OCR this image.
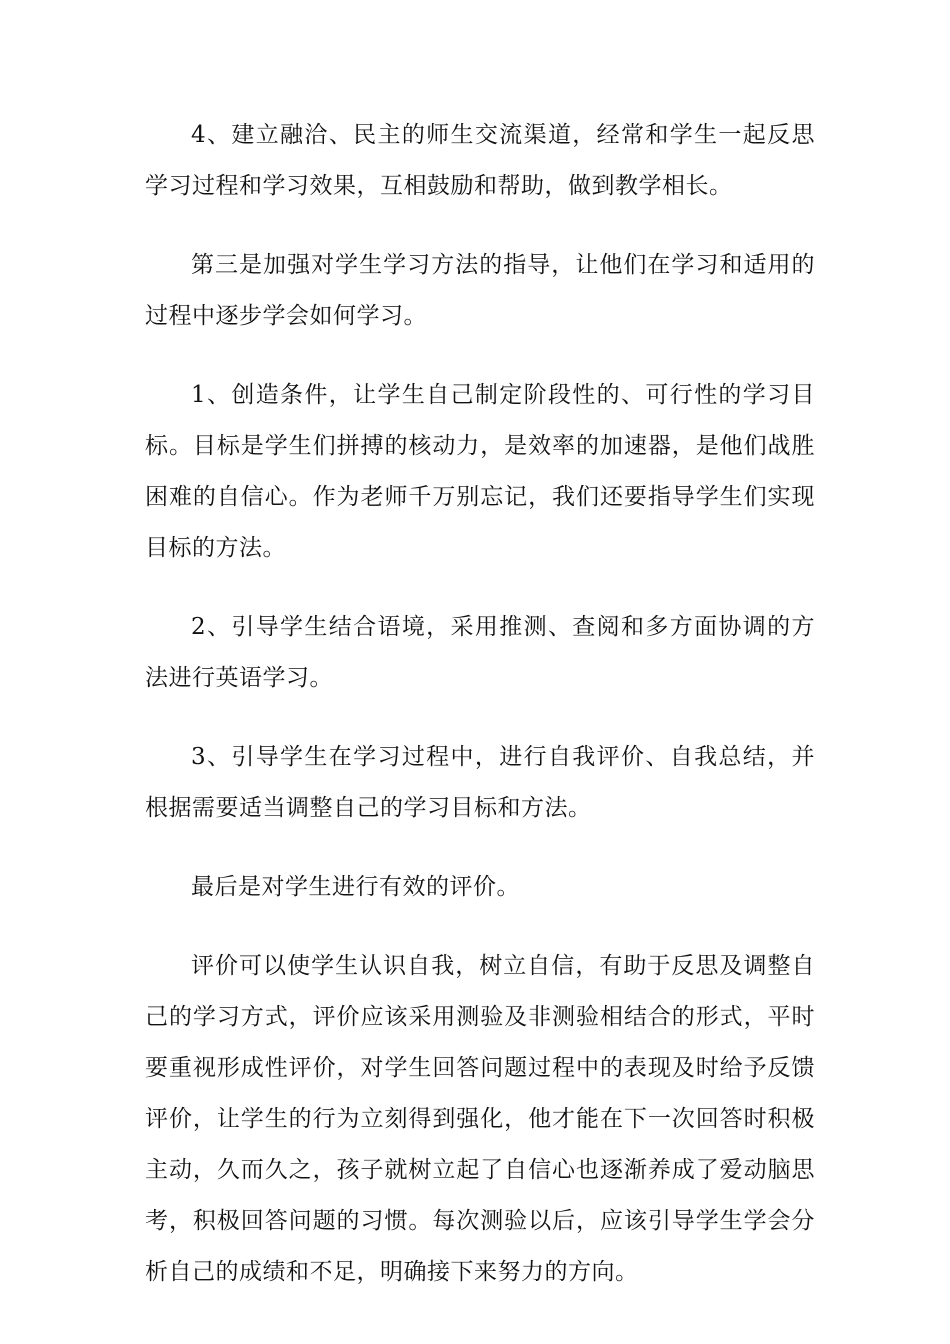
4、建立融洽、民主的师生交流渠道，经常和学生一起反思学习过程和学习效果，互相鼓励和帮助，做到教学相长。

第三是加强对学生学习方法的指导，让他们在学习和适用的过程中逐步学会如何学习。

1、创造条件，让学生自己制定阶段性的、可行性的学习目标。目标是学生们拼搏的核动力，是效率的加速器，是他们战胜困难的自信心。作为老师千万别忘记，我们还要指导学生们实现目标的方法。

2、引导学生结合语境，采用推测、查阅和多方面协调的方法进行英语学习。

3、引导学生在学习过程中，进行自我评价、自我总结，并根据需要适当调整自己的学习目标和方法。

最后是对学生进行有效的评价。

评价可以使学生认识自我，树立自信，有助于反思及调整自己的学习方式，评价应该采用测验及非测验相结合的形式，平时要重视形成性评价，对学生回答问题过程中的表现及时给予反馈评价，让学生的行为立刻得到强化，他才能在下一次回答时积极主动，久而久之，孩子就树立起了自信心也逐渐养成了爱动脑思考，积极回答问题的习惯。每次测验以后，应该引导学生学会分析自己的成绩和不足，明确接下来努力的方向。
